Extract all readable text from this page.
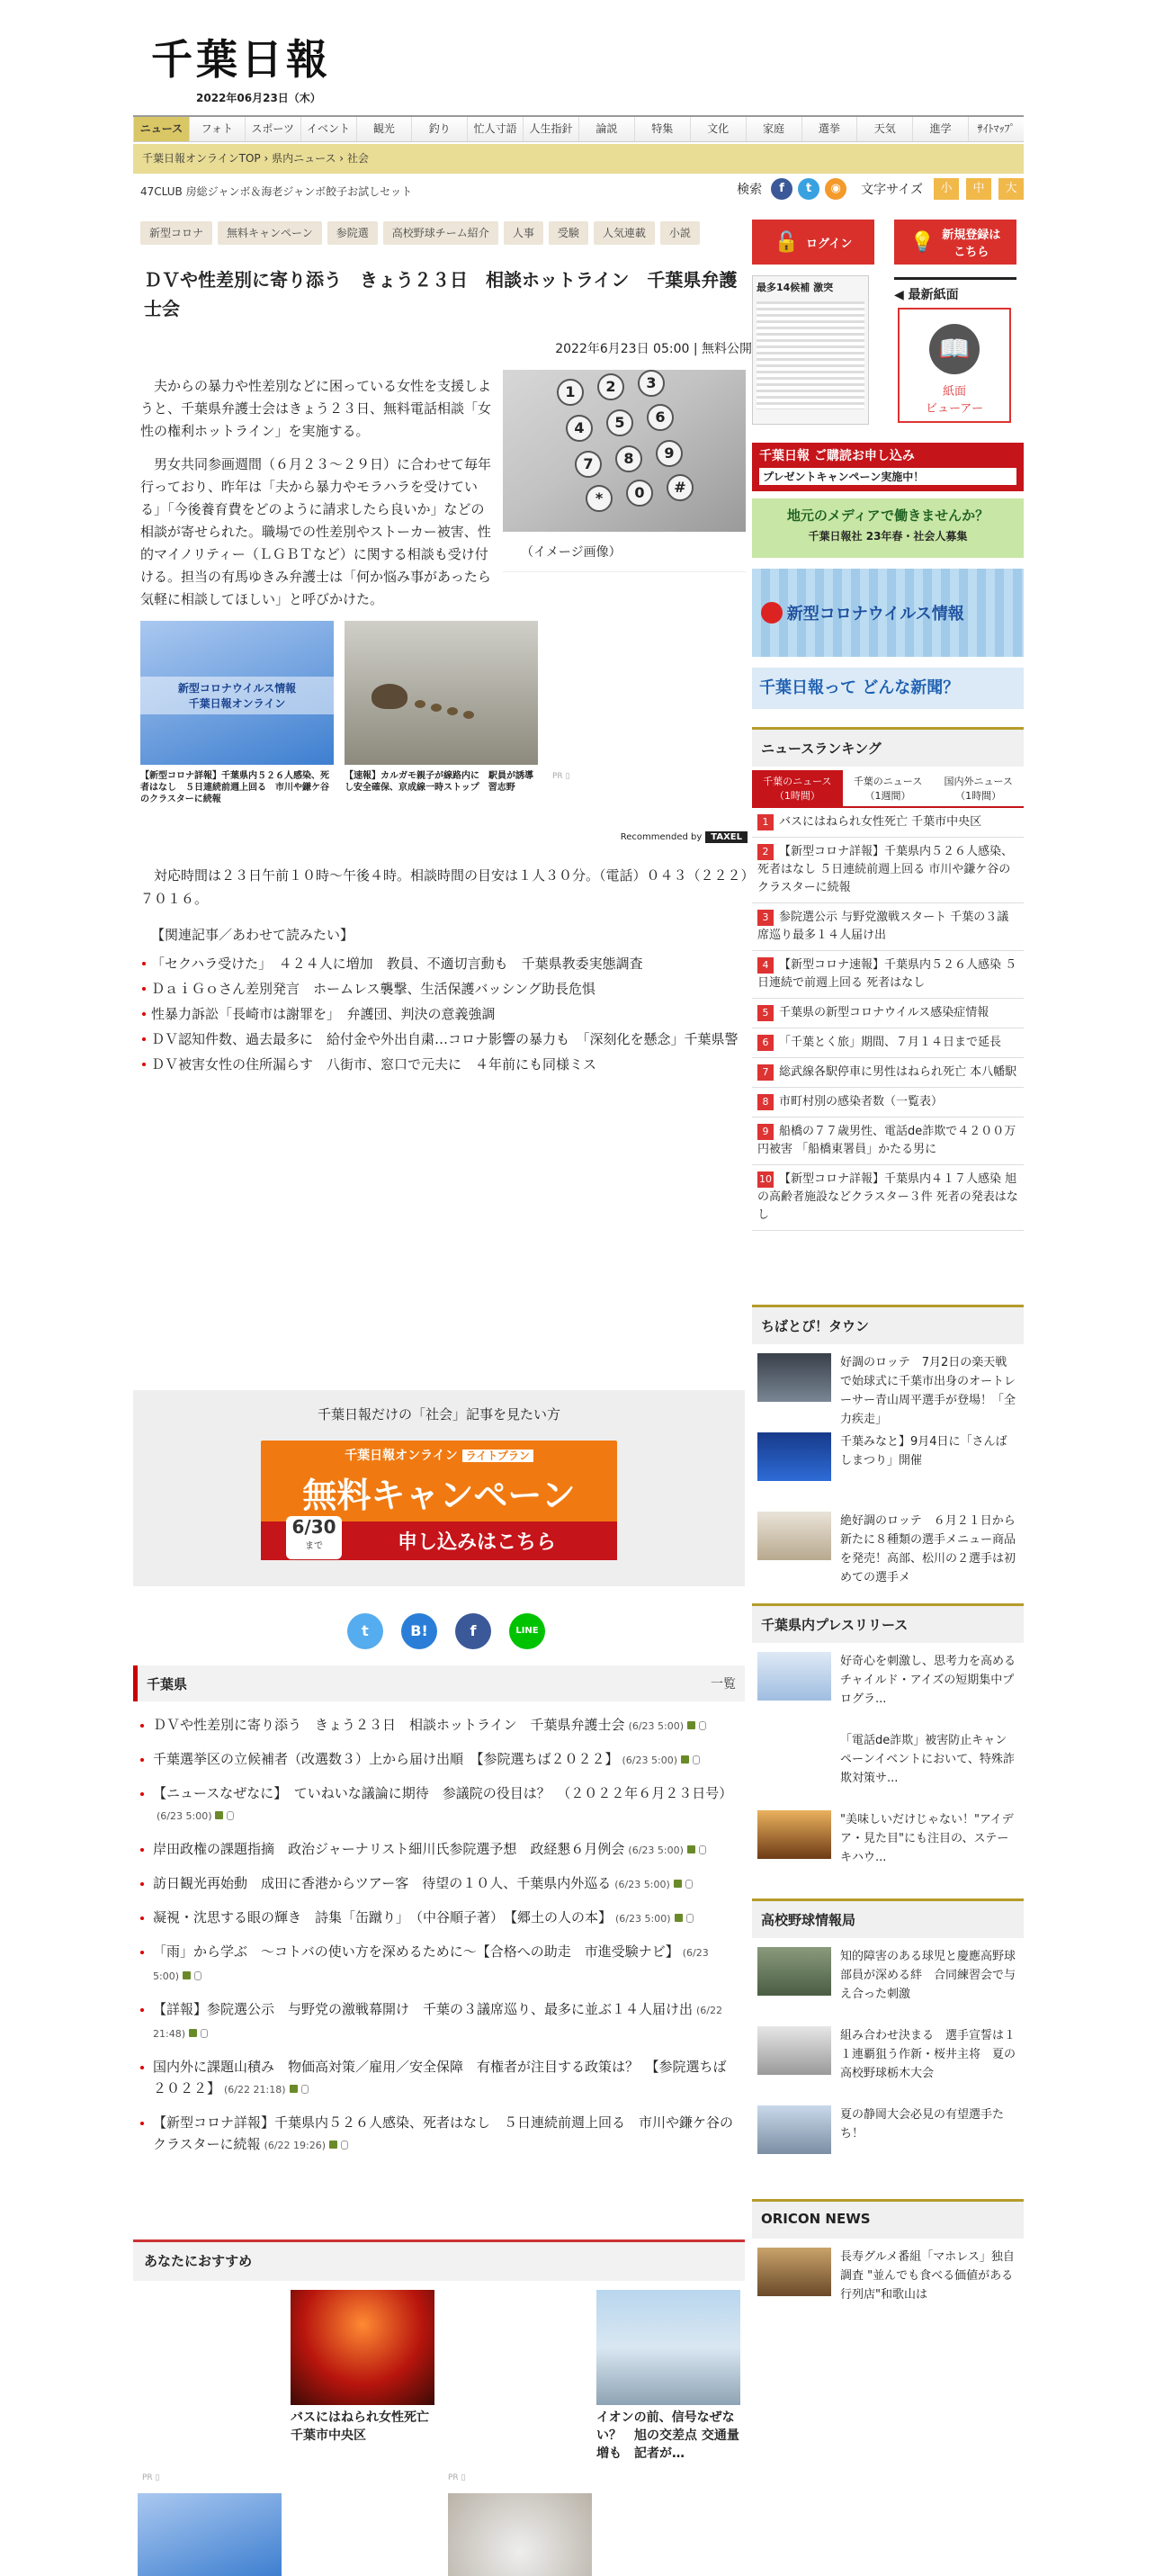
千葉日報
2022年06月23日（木）
ニュース	フォト	スポーツ	イベント	観光	釣り	忙人寸語	人生指針	論説	特集	文化	家庭	選挙	天気	進学	ｻｲﾄﾏｯﾌﾟ
千葉日報オンラインTOP › 県内ニュース › 社会
47CLUB 房総ジャンボ＆海老ジャンボ餃子お試しセット	検索	f	t	◉	文字サイズ	小	中	大
新型コロナ	無料キャンペーン	参院選	高校野球チーム紹介	人事	受験	人気連載	小説
ＤＶや性差別に寄り添う　きょう２３日　相談ホットライン　千葉県弁護士会
2022年6月23日 05:00 | 無料公開
1	2	3
4	5	6
7	8	9
*	0	#
（イメージ画像）

夫からの暴力や性差別などに困っている女性を支援しようと、千葉県弁護士会はきょう２３日、無料電話相談「女性の権利ホットライン」を実施する。

男女共同参画週間（６月２３～２９日）に合わせて毎年行っており、昨年は「夫から暴力やモラハラを受けている」「今後養育費をどのように請求したら良いか」などの相談が寄せられた。職場での性差別やストーカー被害、性的マイノリティー（ＬＧＢＴなど）に関する相談も受け付ける。担当の有馬ゆきみ弁護士は「何か悩み事があったら気軽に相談してほしい」と呼びかけた。

新型コロナウイルス情報
千葉日報オンライン
【新型コロナ詳報】千葉県内５２６人感染、死者はなし　５日連続前週上回る　市川や鎌ケ谷のクラスターに続報
【速報】カルガモ親子が線路内に　駅員が誘導し安全確保、京成線一時ストップ　習志野
PR ▯
Recommended by TAXEL

対応時間は２３日午前１０時～午後４時。相談時間の目安は１人３０分。（電話）０４３（２２２）７０１６。

【関連記事／あわせて読みたい】
「セクハラ受けた」　４２４人に増加　教員、不適切言動も　千葉県教委実態調査
ＤａｉＧｏさん差別発言　ホームレス襲撃、生活保護バッシング助長危惧
性暴力訴訟「長崎市は謝罪を」　弁護団、判決の意義強調
ＤＶ認知件数、過去最多に　給付金や外出自粛…コロナ影響の暴力も　「深刻化を懸念」千葉県警
ＤＶ被害女性の住所漏らす　八街市、窓口で元夫に　４年前にも同様ミス
千葉日報だけの「社会」記事を見たい方
千葉日報オンライン ライトプラン
無料キャンペーン
6/30
まで	申し込みはこちら
t	B!	f	LINE
千葉県	一覧
ＤＶや性差別に寄り添う　きょう２３日　相談ホットライン　千葉県弁護士会 (6/23 5:00)
千葉選挙区の立候補者（改選数３）上から届け出順　【参院選ちば２０２２】 (6/23 5:00)
【ニュースなぜなに】　ていねいな議論に期待　参議院の役目は？　（２０２２年６月２３日号）(6/23 5:00)
岸田政権の課題指摘　政治ジャーナリスト細川氏参院選予想　政経懇６月例会 (6/23 5:00)
訪日観光再始動　成田に香港からツアー客　待望の１０人、千葉県内外巡る (6/23 5:00)
凝視・沈思する眼の輝き　詩集「缶蹴り」　（中谷順子著）　【郷土の人の本】 (6/23 5:00)
「雨」から学ぶ　～コトバの使い方を深めるために～【合格への助走　市進受験ナビ】 (6/23 5:00)
【詳報】参院選公示　与野党の激戦幕開け　千葉の３議席巡り、最多に並ぶ１４人届け出 (6/22 21:48)
国内外に課題山積み　物価高対策／雇用／安全保障　有権者が注目する政策は？　【参院選ちば２０２２】 (6/22 21:18)
【新型コロナ詳報】千葉県内５２６人感染、死者はなし　５日連続前週上回る　市川や鎌ケ谷のクラスターに続報 (6/22 19:26)
あなたにおすすめ
バスにはねられ女性死亡　千葉市中央区
イオンの前、信号なぜない？　旭の交差点 交通量増も　記者が…
PR ▯	PR ▯
🔓 ログイン	💡 新規登録は
こちら
最多14候補 激突
◀ 最新紙面
📖
紙面
ビューアー
千葉日報 ご購読お申し込み
プレゼントキャンペーン実施中！
地元のメディアで働きませんか？
千葉日報社 23年春・社会人募集
新型コロナウイルス情報
千葉日報って どんな新聞？
ニュースランキング
千葉のニュース
（1時間）
千葉のニュース
（1週間）
国内外ニュース
（1時間）
1 バスにはねられ女性死亡 千葉市中央区
2 【新型コロナ詳報】千葉県内５２６人感染、死者はなし ５日連続前週上回る 市川や鎌ケ谷のクラスターに続報
3 参院選公示 与野党激戦スタート 千葉の３議席巡り最多１４人届け出
4 【新型コロナ速報】千葉県内５２６人感染 ５日連続で前週上回る 死者はなし
5 千葉県の新型コロナウイルス感染症情報
6 「千葉とく旅」期間、７月１４日まで延長
7 総武線各駅停車に男性はねられ死亡 本八幡駅
8 市町村別の感染者数（一覧表）
9 船橋の７７歳男性、電話de詐欺で４２００万円被害 「船橋東署員」かたる男に
10 【新型コロナ詳報】千葉県内４１７人感染 旭の高齢者施設などクラスター３件 死者の発表はなし
ちばとぴ！タウン
好調のロッテ　7月2日の楽天戦で始球式に千葉市出身のオートレーサー青山周平選手が登場！「全力疾走」
千葉みなと】9月4日に「さんばしまつり」開催
絶好調のロッテ　６月２１日から新たに８種類の選手メニュー商品を発売！高部、松川の２選手は初めての選手メ
千葉県内プレスリリース
好奇心を刺激し、思考力を高めるチャイルド・アイズの短期集中プログラ...
「電話de詐欺」被害防止キャンペーンイベントにおいて、特殊詐欺対策サ...
"美味しいだけじゃない！"アイデア・見た目"にも注目の、ステーキハウ...
高校野球情報局
知的障害のある球児と慶應高野球部員が深める絆　合同練習会で与え合った刺激
組み合わせ決まる　選手宣誓は１１連覇狙う作新・桜井主将　夏の高校野球栃木大会
夏の静岡大会必見の有望選手たち！
ORICON NEWS
長寿グルメ番組「マホレス」独自調査 "並んでも食べる価値がある行列店"和歌山は
